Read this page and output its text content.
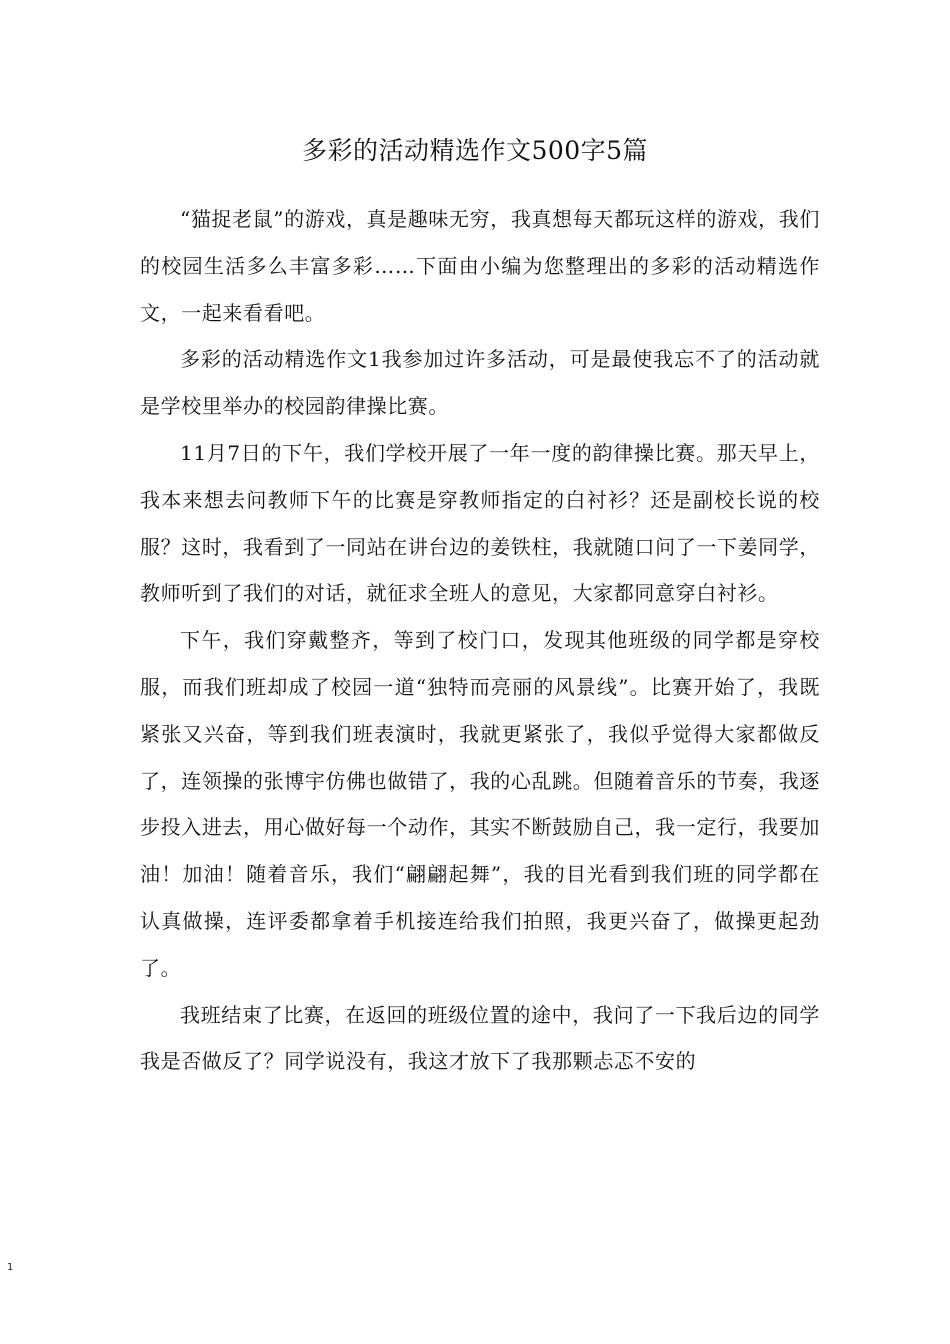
多彩的活动精选作文500字5篇

“猫捉老鼠”的游戏，真是趣味无穷，我真想每天都玩这样的游戏，我们的校园生活多么丰富多彩……下面由小编为您整理出的多彩的活动精选作文，一起来看看吧。

多彩的活动精选作文1我参加过许多活动，可是最使我忘不了的活动就是学校里举办的校园韵律操比赛。

11月7日的下午，我们学校开展了一年一度的韵律操比赛。那天早上，我本来想去问教师下午的比赛是穿教师指定的白衬衫？还是副校长说的校服？这时，我看到了一同站在讲台边的姜铁柱，我就随口问了一下姜同学，教师听到了我们的对话，就征求全班人的意见，大家都同意穿白衬衫。

下午，我们穿戴整齐，等到了校门口，发现其他班级的同学都是穿校服，而我们班却成了校园一道“独特而亮丽的风景线”。比赛开始了，我既紧张又兴奋，等到我们班表演时，我就更紧张了，我似乎觉得大家都做反了，连领操的张博宇仿佛也做错了，我的心乱跳。但随着音乐的节奏，我逐步投入进去，用心做好每一个动作，其实不断鼓励自己，我一定行，我要加油！加油！随着音乐，我们“翩翩起舞”，我的目光看到我们班的同学都在认真做操，连评委都拿着手机接连给我们拍照，我更兴奋了，做操更起劲了。

我班结束了比赛，在返回的班级位置的途中，我问了一下我后边的同学我是否做反了？同学说没有，我这才放下了我那颗忐忑不安的

1
